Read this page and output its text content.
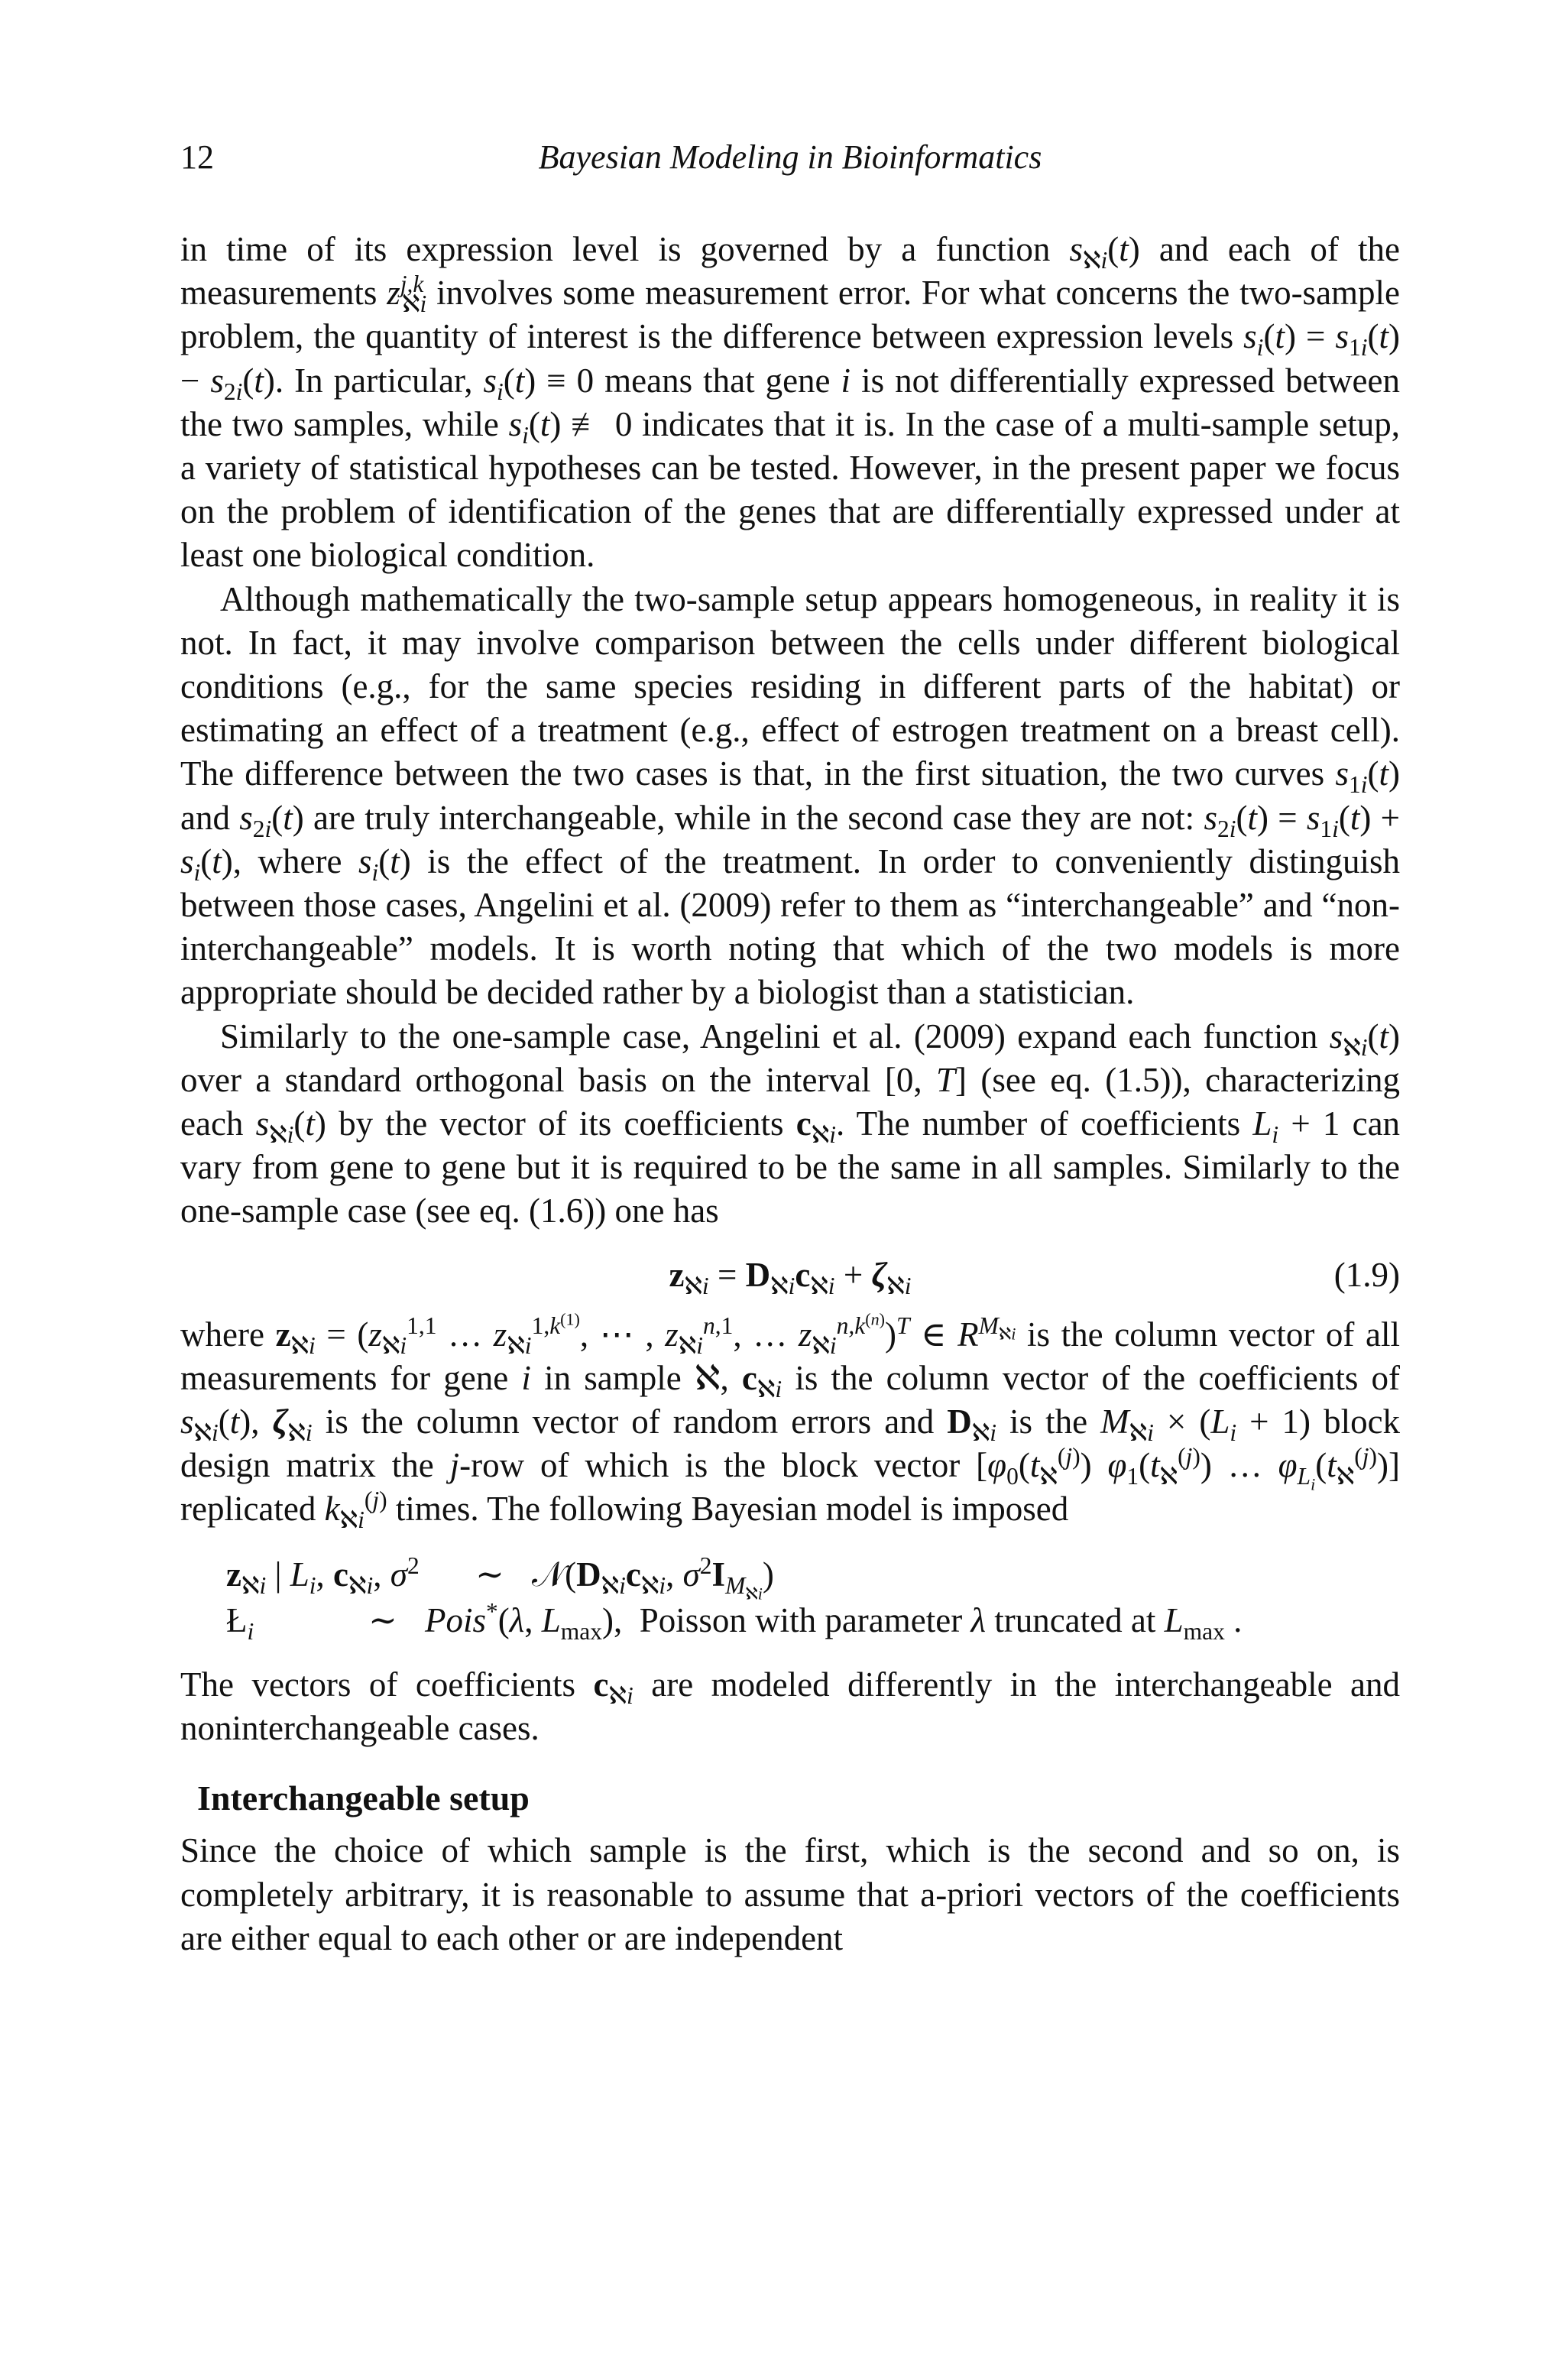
12	Bayesian Modeling in Bioinformatics

in time of its expression level is governed by a function $s_{ℵi}(t)$ and each of the measurements $z^{j,k}_{ℵi}$ involves some measurement error. For what concerns the two-sample problem, the quantity of interest is the difference between expression levels $s_i(t) = s_{1i}(t) - s_{2i}(t)$. In particular, $s_i(t) \equiv 0$ means that gene i is not differentially expressed between the two samples, while $s_i(t)$ ≢ 0 indicates that it is. In the case of a multi-sample setup, a variety of statistical hypotheses can be tested. However, in the present paper we focus on the problem of identification of the genes that are differentially expressed under at least one biological condition.

Although mathematically the two-sample setup appears homogeneous, in reality it is not. In fact, it may involve comparison between the cells under different biological conditions (e.g., for the same species residing in different parts of the habitat) or estimating an effect of a treatment (e.g., effect of estrogen treatment on a breast cell). The difference between the two cases is that, in the first situation, the two curves $s_{1i}(t)$ and $s_{2i}(t)$ are truly interchangeable, while in the second case they are not: $s_{2i}(t) = s_{1i}(t) + s_i(t)$, where $s_i(t)$ is the effect of the treatment. In order to conveniently distinguish between those cases, Angelini et al. (2009) refer to them as “interchangeable” and “non-interchangeable” models. It is worth noting that which of the two models is more appropriate should be decided rather by a biologist than a statistician.

Similarly to the one-sample case, Angelini et al. (2009) expand each function $s_{ℵi}(t)$ over a standard orthogonal basis on the interval [0, T] (see eq. (1.5)), characterizing each $s_{ℵi}(t)$ by the vector of its coefficients $c_{ℵi}$. The number of coefficients $L_i + 1$ can vary from gene to gene but it is required to be the same in all samples. Similarly to the one-sample case (see eq. (1.6)) one has

$z_{ℵi} = D_{ℵi}c_{ℵi} + \zeta_{ℵi}$	(1.9)

where $z_{ℵi} = (z_{ℵi}^{1,1}$ … $z_{ℵi}^{1,k^{(1)}}$, ⋯ , $z_{ℵi}^{n,1}$, … $z_{ℵi}^{n,k^{(n)}})^T$ ∈ $R^{M_{ℵi}}$ is the column vector of all measurements for gene i in sample ℵ, $c_{ℵi}$ is the column vector of the coefficients of $s_{ℵi}(t)$, $\zeta_{ℵi}$ is the column vector of random errors and $D_{ℵi}$ is the $M_{ℵi} \times (L_i + 1)$ block design matrix the j-row of which is the block vector [$\varphi_0(t_ℵ^{(j)})$ $\varphi_1(t_ℵ^{(j)})$ … $\varphi_{L_i}(t_ℵ^{(j)})$] replicated $k_{ℵi}^{(j)}$ times. The following Bayesian model is imposed

$z_{ℵi}$ | $L_i$, $c_{ℵi}$, $\sigma^2$ ∼ $𝒩(D_{ℵi}c_{ℵi}$, $\sigma^2I_{M_{ℵi}}$)
$Ł_i$	∼ Pois*(λ, $L_{max}$),  Poisson with parameter λ truncated at $L_{max}$ .

The vectors of coefficients $c_{ℵi}$ are modeled differently in the interchangeable and noninterchangeable cases.

Interchangeable setup

Since the choice of which sample is the first, which is the second and so on, is completely arbitrary, it is reasonable to assume that a-priori vectors of the coefficients are either equal to each other or are independent
